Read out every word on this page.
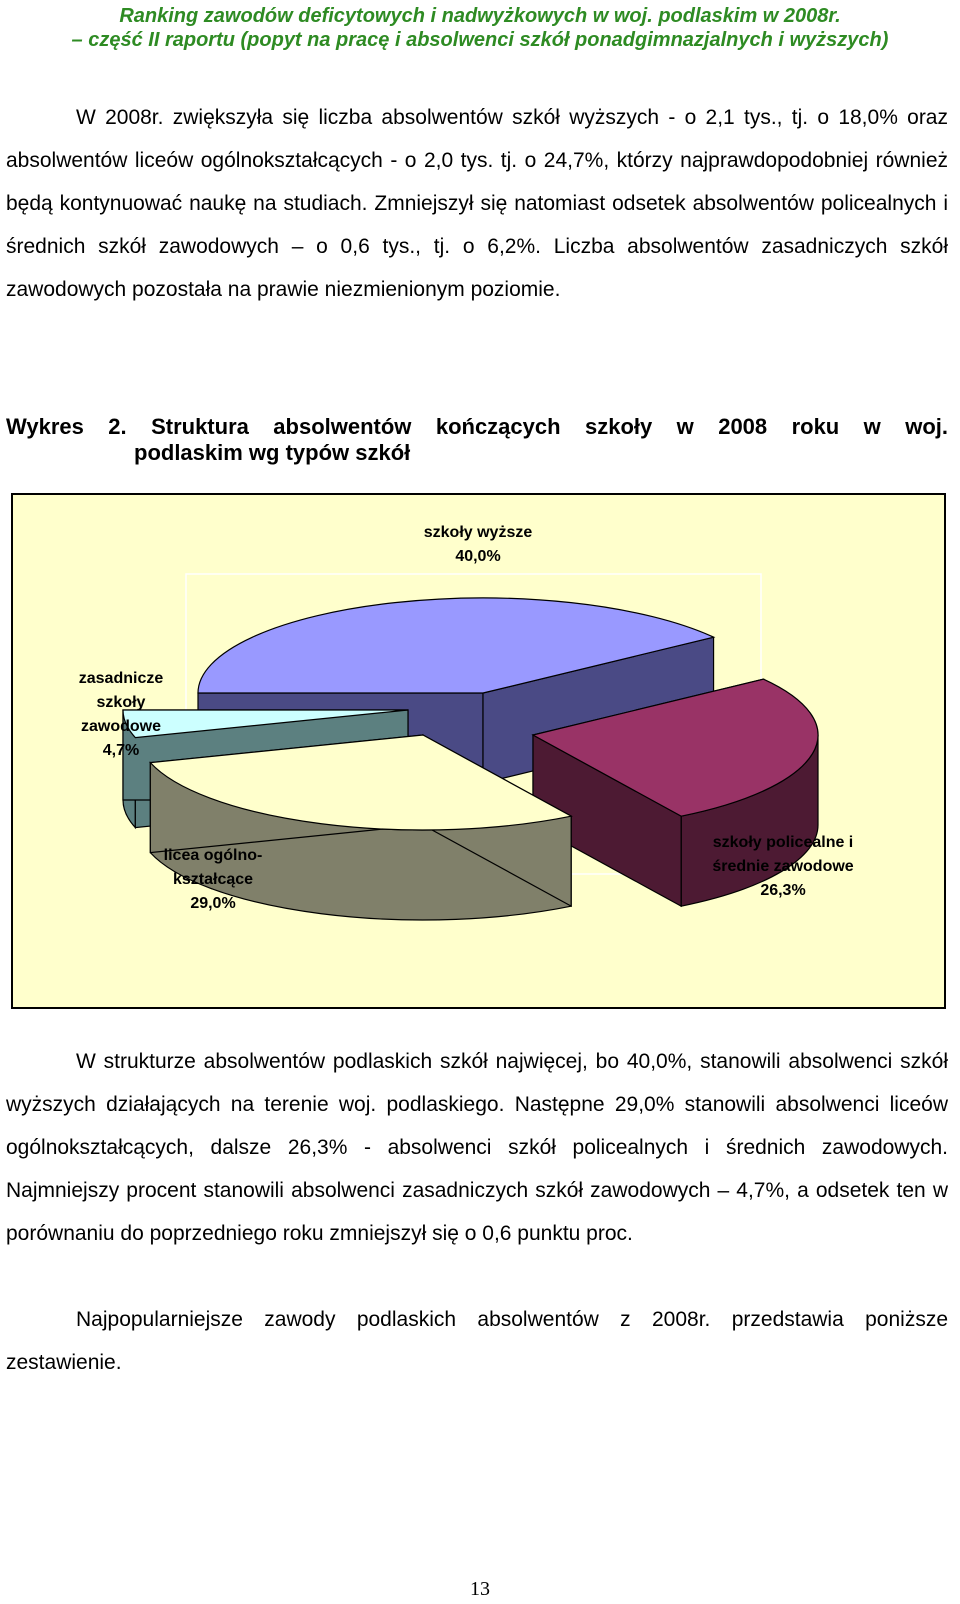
Ranking zawodów deficytowych i nadwyżkowych w woj. podlaskim w 2008r.
– część II raportu (popyt na pracę i absolwenci szkół ponadgimnazjalnych i wyższych)

W 2008r. zwiększyła się liczba absolwentów szkół wyższych - o 2,1 tys., tj. o 18,0% oraz absolwentów liceów ogólnokształcących - o 2,0 tys. tj. o 24,7%, którzy najprawdopodobniej również będą kontynuować naukę na studiach. Zmniejszył się natomiast odsetek absolwentów policealnych i średnich szkół zawodowych – o 0,6 tys., tj. o 6,2%. Liczba absolwentów zasadniczych szkół zawodowych pozostała na prawie niezmienionym poziomie.

Wykres 2. Struktura absolwentów kończących szkoły w 2008 roku w woj.
podlaskim wg typów szkół
szkoły wyższe 40,0%
szkoły policealne i średnie zawodowe 26,3%
licea ogólno-kształcące 29,0%
zasadnicze szkoły zawodowe 4,7%

W strukturze absolwentów podlaskich szkół najwięcej, bo 40,0%, stanowili absolwenci szkół wyższych działających na terenie woj. podlaskiego. Następne 29,0% stanowili absolwenci liceów ogólnokształcących, dalsze 26,3% - absolwenci szkół policealnych i średnich zawodowych. Najmniejszy procent stanowili absolwenci zasadniczych szkół zawodowych – 4,7%, a odsetek ten w porównaniu do poprzedniego roku zmniejszył się o 0,6 punktu proc.

Najpopularniejsze zawody podlaskich absolwentów z 2008r. przedstawia poniższe zestawienie.

13
